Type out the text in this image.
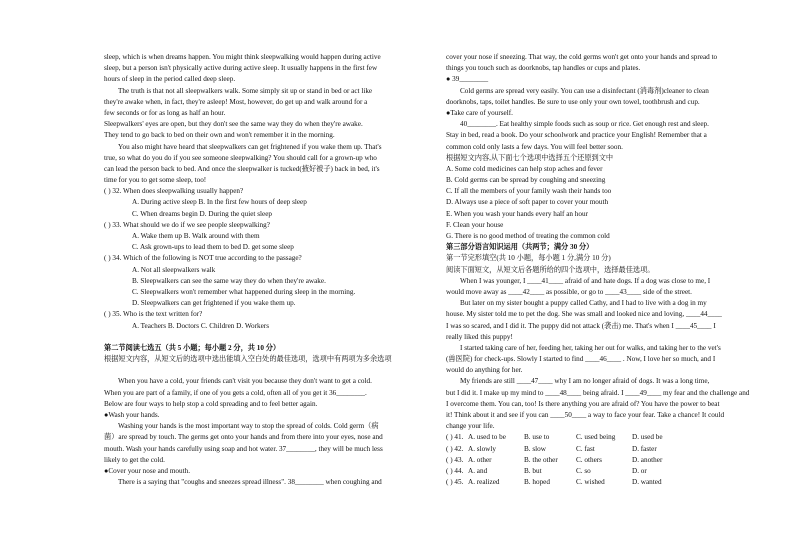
sleep, which is when dreams happen. You might think sleepwalking would happen during active
sleep, but a person isn't physically active during active sleep. It usually happens in the first few
hours of sleep in the period called deep sleep.
The truth is that not all sleepwalkers walk. Some simply sit up or stand in bed or act like
they're awake when, in fact, they're asleep! Most, however, do get up and walk around for a
few seconds or for as long as half an hour.
Sleepwalkers' eyes are open, but they don't see the same way they do when they're awake.
They tend to go back to bed on their own and won't remember it in the morning.
You also might have heard that sleepwalkers can get frightened if you wake them up. That's
true, so what do you do if you see someone sleepwalking? You should call for a grown-up who
can lead the person back to bed. And once the sleepwalker is tucked(掖好被子) back in bed, it's
time for you to get some sleep, too!
( ) 32. When does sleepwalking usually happen?
A. During active sleep B. In the first few hours of deep sleep
C. When dreams begin D. During the quiet sleep
( ) 33. What should we do if we see people sleepwalking?
A. Wake them up B. Walk around with them
C. Ask grown-ups to lead them to bed D. get some sleep
( ) 34. Which of the following is NOT true according to the passage?
A. Not all sleepwalkers walk
B. Sleepwalkers can see the same way they do when they're awake.
C. Sleepwalkers won't remember what happened during sleep in the morning.
D. Sleepwalkers can get frightened if you wake them up.
( ) 35. Who is the text written for?
A. Teachers B. Doctors C. Children D. Workers
第二节阅读七选五（共 5 小题；每小题 2 分，共 10 分）
根据短文内容，从短文后的选项中选出能填入空白处的最佳选项，选项中有两项为多余选项
When you have a cold, your friends can't visit you because they don't want to get a cold.
When you are part of a family, if one of you gets a cold, often all of you get it 36________.
Below are four ways to help stop a cold spreading and to feel better again.
●Wash your hands.
Washing your hands is the most important way to stop the spread of colds. Cold germ（病
菌）are spread by touch. The germs get onto your hands and from there into your eyes, nose and
mouth. Wash your hands carefully using soap and hot water. 37________, they will be much less
likely to get the cold.
●Cover your nose and mouth.
There is a saying that "coughs and sneezes spread illness". 38________ when coughing and
cover your nose if sneezing. That way, the cold germs won't get onto your hands and spread to
things you touch such as doorknobs, tap handles or cups and plates.
● 39________
Cold germs are spread very easily. You can use a disinfectant (消毒剂)cleaner to clean
doorknobs, taps, toilet handles. Be sure to use only your own towel, toothbrush and cup.
●Take care of yourself.
40________. Eat healthy simple foods such as soup or rice. Get enough rest and sleep.
Stay in bed, read a book. Do your schoolwork and practice your English! Remember that a
common cold only lasts a few days. You will feel better soon.
根据短文内容,从下面七个选项中选择五个还原到文中
A. Some cold medicines can help stop aches and fever
B. Cold germs can be spread by coughing and sneezing
C. If all the members of your family wash their hands too
D. Always use a piece of soft paper to cover your mouth
E. When you wash your hands every half an hour
F. Clean your house
G. There is no good method of treating the common cold
第三部分语言知识运用（共两节；满分 30 分）
第一节完形填空(共 10 小题，每小题 1 分,满分 10 分)
阅读下面短文，从短文后各题所给的四个选项中，选择最佳选项。
When I was younger, I ____41____ afraid of and hate dogs. If a dog was close to me, I
would move away as ____42____ as possible, or go to ____43____ side of the street.
But later on my sister bought a puppy called Cathy, and I had to live with a dog in my
house. My sister told me to pet the dog. She was small and looked nice and loving, ____44____
I was so scared, and I did it. The puppy did not attack (袭击) me. That's when I ____45____ I
really liked this puppy!
I started taking care of her, feeding her, taking her out for walks, and taking her to the vet's
(兽医院) for check-ups. Slowly I started to find ____46____ . Now, I love her so much, and I
would do anything for her.
My friends are still ____47____ why I am no longer afraid of dogs. It was a long time,
but I did it. I make up my mind to ____48____ being afraid. I ____49____ my fear and the challenge and
I overcome them. You can, too! Is there anything you are afraid of? You have the power to beat
it! Think about it and see if you can ____50____ a way to face your fear. Take a chance! It could
change your life.
( ) 41. A. used to be	B. use to	C. used being	D. used be
( ) 42. A. slowly	B. slow	C. fast	D. faster
( ) 43. A. other	B. the other	C. others	D. another
( ) 44. A. and	B. but	C. so	D. or
( ) 45. A. realized	B. hoped	C. wished	D. wanted
